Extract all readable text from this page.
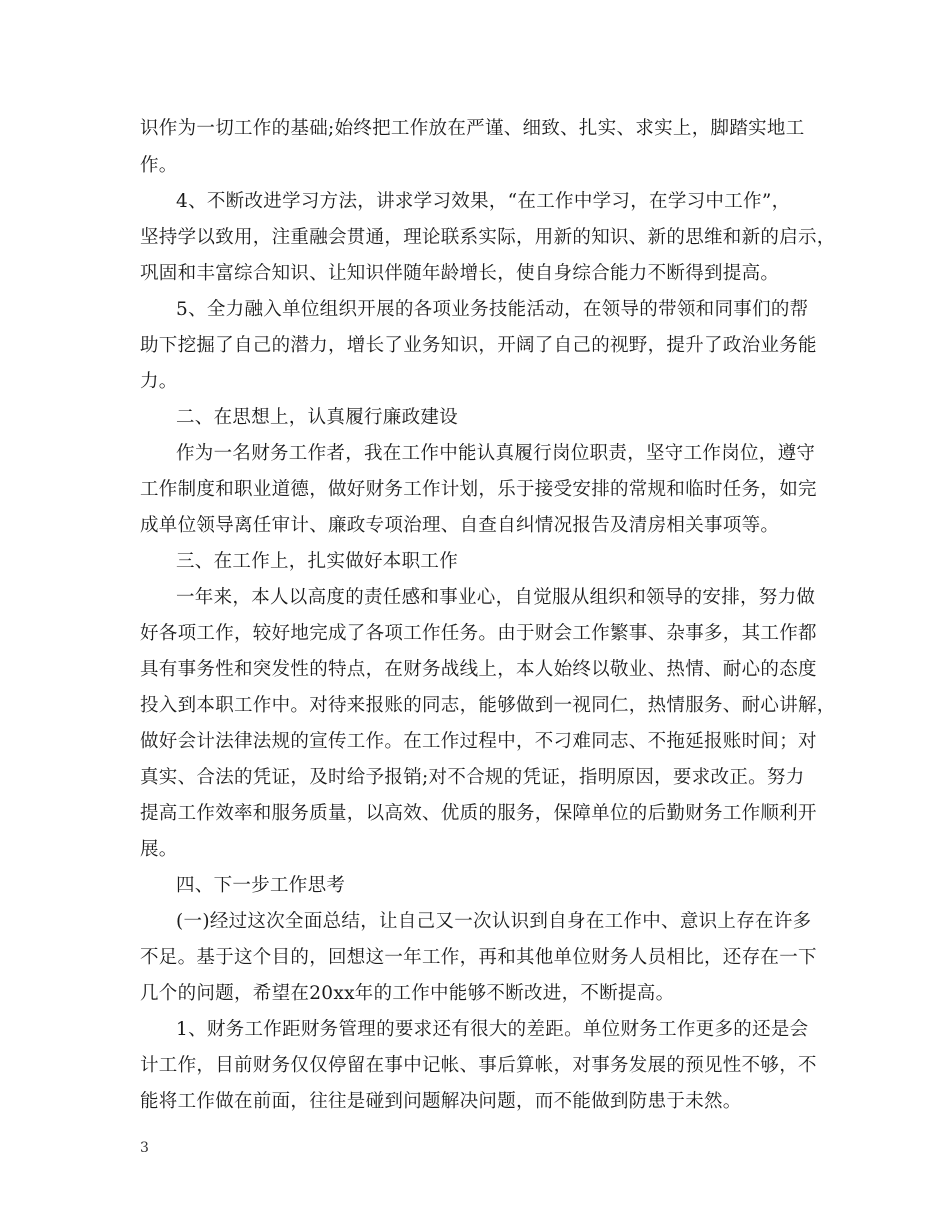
识作为一切工作的基础;始终把工作放在严谨、细致、扎实、求实上，脚踏实地工
作。
4、不断改进学习方法，讲求学习效果，“在工作中学习，在学习中工作”，
坚持学以致用，注重融会贯通，理论联系实际，用新的知识、新的思维和新的启示，
巩固和丰富综合知识、让知识伴随年龄增长，使自身综合能力不断得到提高。
5、全力融入单位组织开展的各项业务技能活动，在领导的带领和同事们的帮
助下挖掘了自己的潜力，增长了业务知识，开阔了自己的视野，提升了政治业务能
力。
二、在思想上，认真履行廉政建设
作为一名财务工作者，我在工作中能认真履行岗位职责，坚守工作岗位，遵守
工作制度和职业道德，做好财务工作计划，乐于接受安排的常规和临时任务，如完
成单位领导离任审计、廉政专项治理、自查自纠情况报告及清房相关事项等。
三、在工作上，扎实做好本职工作
一年来，本人以高度的责任感和事业心，自觉服从组织和领导的安排，努力做
好各项工作，较好地完成了各项工作任务。由于财会工作繁事、杂事多，其工作都
具有事务性和突发性的特点，在财务战线上，本人始终以敬业、热情、耐心的态度
投入到本职工作中。对待来报账的同志，能够做到一视同仁，热情服务、耐心讲解，
做好会计法律法规的宣传工作。在工作过程中，不刁难同志、不拖延报账时间；对
真实、合法的凭证，及时给予报销;对不合规的凭证，指明原因，要求改正。努力
提高工作效率和服务质量，以高效、优质的服务，保障单位的后勤财务工作顺利开
展。
四、下一步工作思考
(一)经过这次全面总结，让自己又一次认识到自身在工作中、意识上存在许多
不足。基于这个目的，回想这一年工作，再和其他单位财务人员相比，还存在一下
几个的问题，希望在20xx年的工作中能够不断改进，不断提高。
1、财务工作距财务管理的要求还有很大的差距。单位财务工作更多的还是会
计工作，目前财务仅仅停留在事中记帐、事后算帐，对事务发展的预见性不够，不
能将工作做在前面，往往是碰到问题解决问题，而不能做到防患于未然。
3
